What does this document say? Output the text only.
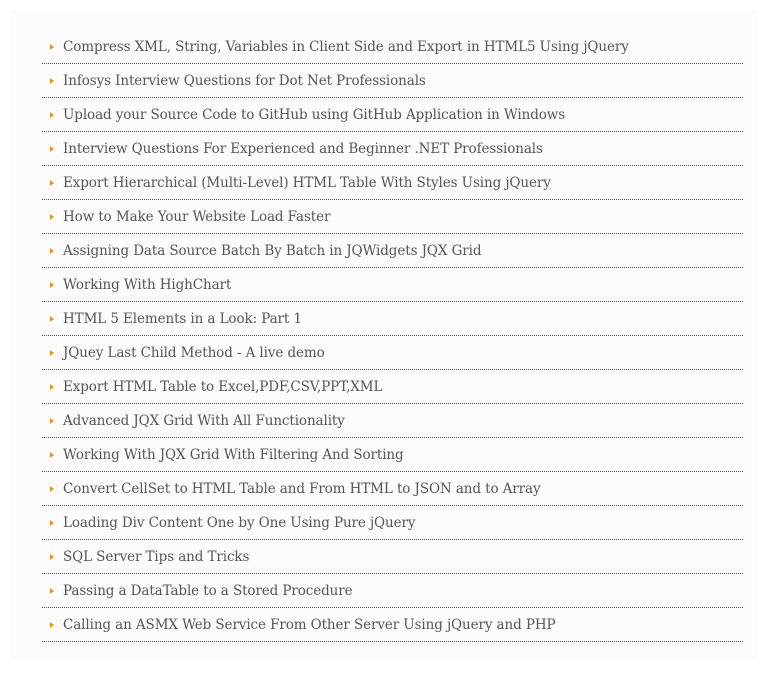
Compress XML, String, Variables in Client Side and Export in HTML5 Using jQuery
Infosys Interview Questions for Dot Net Professionals
Upload your Source Code to GitHub using GitHub Application in Windows
Interview Questions For Experienced and Beginner .NET Professionals
Export Hierarchical (Multi-Level) HTML Table With Styles Using jQuery
How to Make Your Website Load Faster
Assigning Data Source Batch By Batch in JQWidgets JQX Grid
Working With HighChart
HTML 5 Elements in a Look: Part 1
JQuey Last Child Method - A live demo
Export HTML Table to Excel,PDF,CSV,PPT,XML
Advanced JQX Grid With All Functionality
Working With JQX Grid With Filtering And Sorting
Convert CellSet to HTML Table and From HTML to JSON and to Array
Loading Div Content One by One Using Pure jQuery
SQL Server Tips and Tricks
Passing a DataTable to a Stored Procedure
Calling an ASMX Web Service From Other Server Using jQuery and PHP
